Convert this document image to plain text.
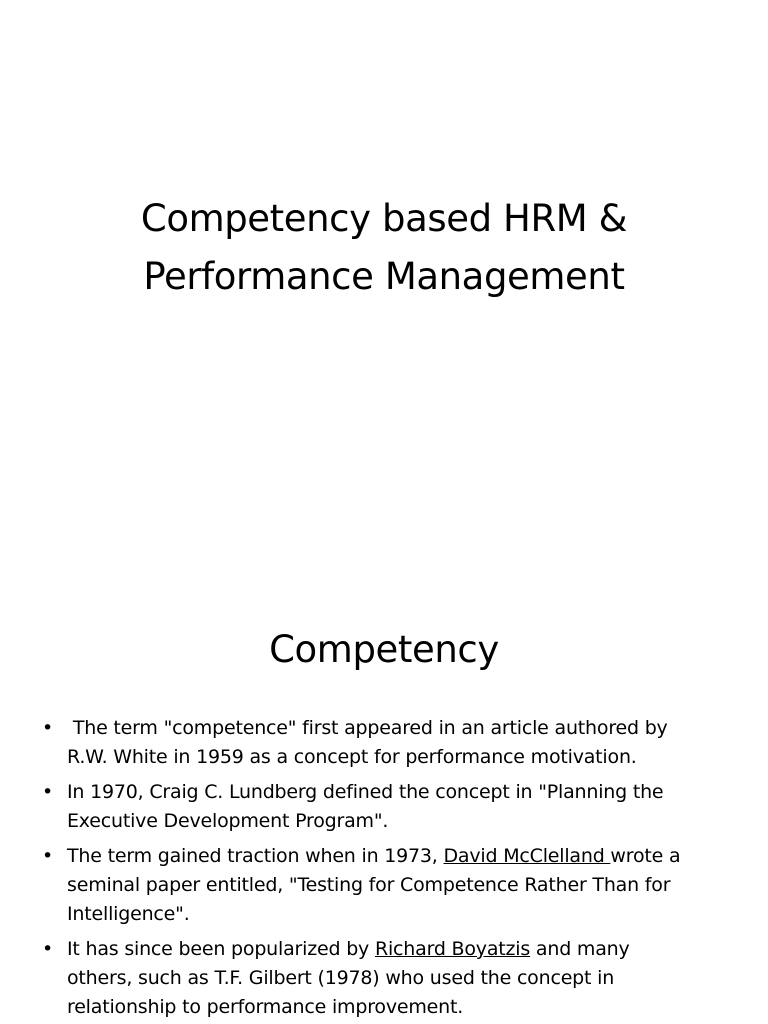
Competency based HRM &
Performance Management
Competency
• The term "competence" first appeared in an article authored by
R.W. White in 1959 as a concept for performance motivation.
• In 1970, Craig C. Lundberg defined the concept in "Planning the
Executive Development Program".
• The term gained traction when in 1973, David McClelland wrote a
seminal paper entitled, "Testing for Competence Rather Than for
Intelligence".
• It has since been popularized by Richard Boyatzis and many
others, such as T.F. Gilbert (1978) who used the concept in
relationship to performance improvement.
